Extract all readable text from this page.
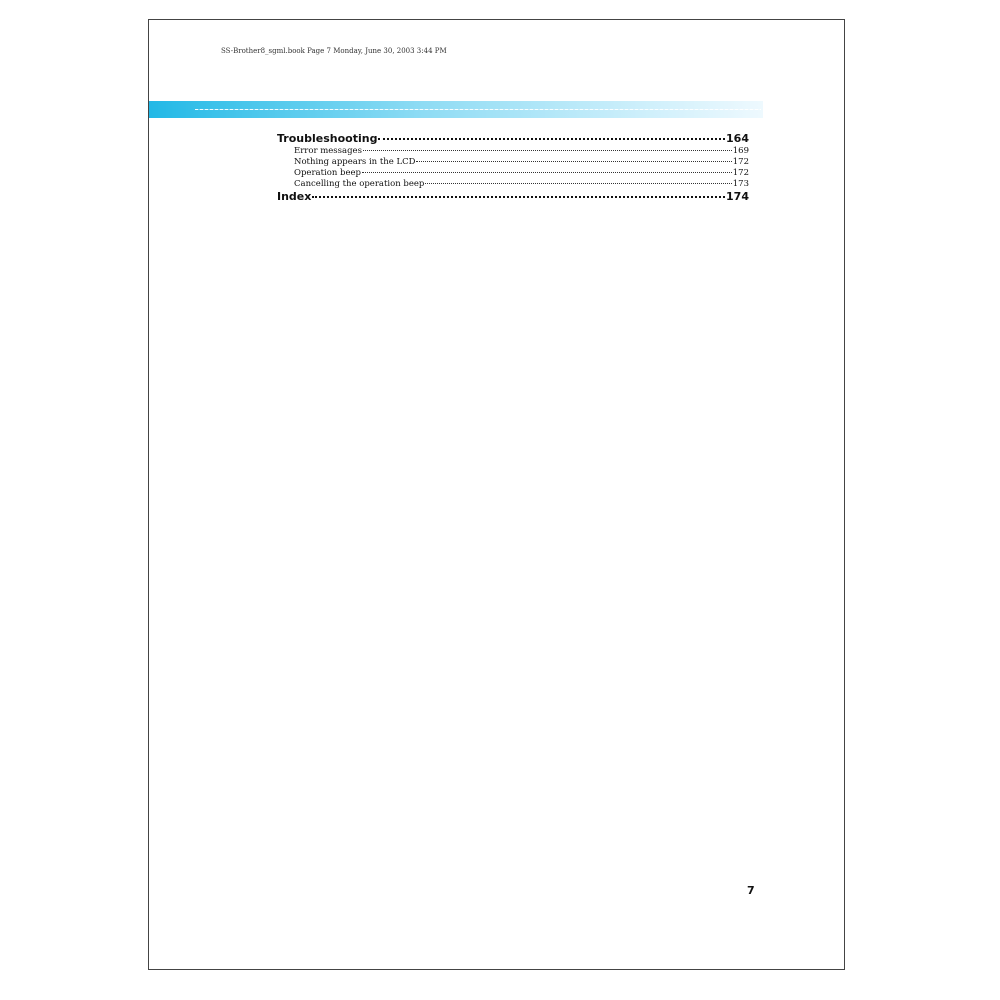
SS-Brother8_sgml.book Page 7 Monday, June 30, 2003 3:44 PM
Troubleshooting	164
Error messages	169
Nothing appears in the LCD	172
Operation beep	172
Cancelling the operation beep	173
Index	174
7
